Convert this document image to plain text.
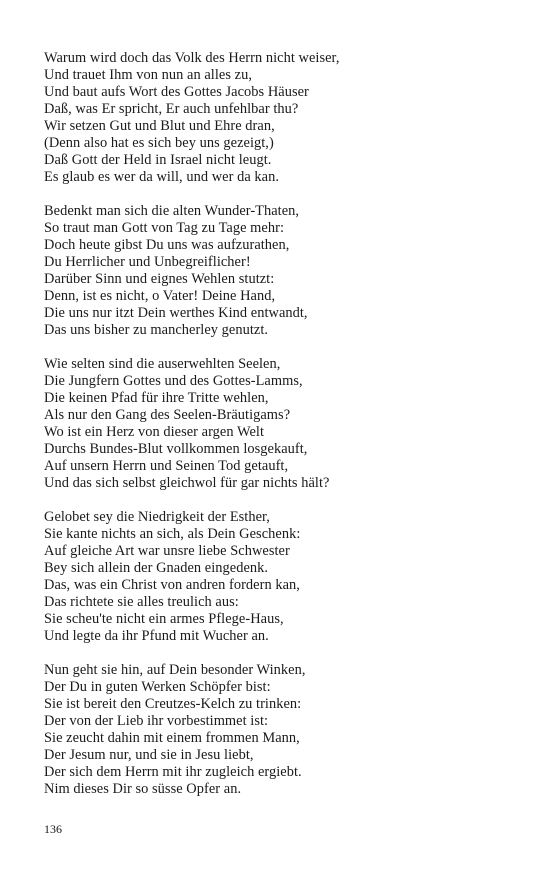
Warum wird doch das Volk des Herrn nicht weiser,
Und trauet Ihm von nun an alles zu,
Und baut aufs Wort des Gottes Jacobs Häuser
Daß, was Er spricht, Er auch unfehlbar thu?
Wir setzen Gut und Blut und Ehre dran,
(Denn also hat es sich bey uns gezeigt,)
Daß Gott der Held in Israel nicht leugt.
Es glaub es wer da will, und wer da kan.
Bedenkt man sich die alten Wunder-Thaten,
So traut man Gott von Tag zu Tage mehr:
Doch heute gibst Du uns was aufzurathen,
Du Herrlicher und Unbegreiflicher!
Darüber Sinn und eignes Wehlen stutzt:
Denn, ist es nicht, o Vater! Deine Hand,
Die uns nur itzt Dein werthes Kind entwandt,
Das uns bisher zu mancherley genutzt.
Wie selten sind die auserwehlten Seelen,
Die Jungfern Gottes und des Gottes-Lamms,
Die keinen Pfad für ihre Tritte wehlen,
Als nur den Gang des Seelen-Bräutigams?
Wo ist ein Herz von dieser argen Welt
Durchs Bundes-Blut vollkommen losgekauft,
Auf unsern Herrn und Seinen Tod getauft,
Und das sich selbst gleichwol für gar nichts hält?
Gelobet sey die Niedrigkeit der Esther,
Sie kante nichts an sich, als Dein Geschenk:
Auf gleiche Art war unsre liebe Schwester
Bey sich allein der Gnaden eingedenk.
Das, was ein Christ von andren fordern kan,
Das richtete sie alles treulich aus:
Sie scheu'te nicht ein armes Pflege-Haus,
Und legte da ihr Pfund mit Wucher an.
Nun geht sie hin, auf Dein besonder Winken,
Der Du in guten Werken Schöpfer bist:
Sie ist bereit den Creutzes-Kelch zu trinken:
Der von der Lieb ihr vorbestimmet ist:
Sie zeucht dahin mit einem frommen Mann,
Der Jesum nur, und sie in Jesu liebt,
Der sich dem Herrn mit ihr zugleich ergiebt.
Nim dieses Dir so süsse Opfer an.
136
